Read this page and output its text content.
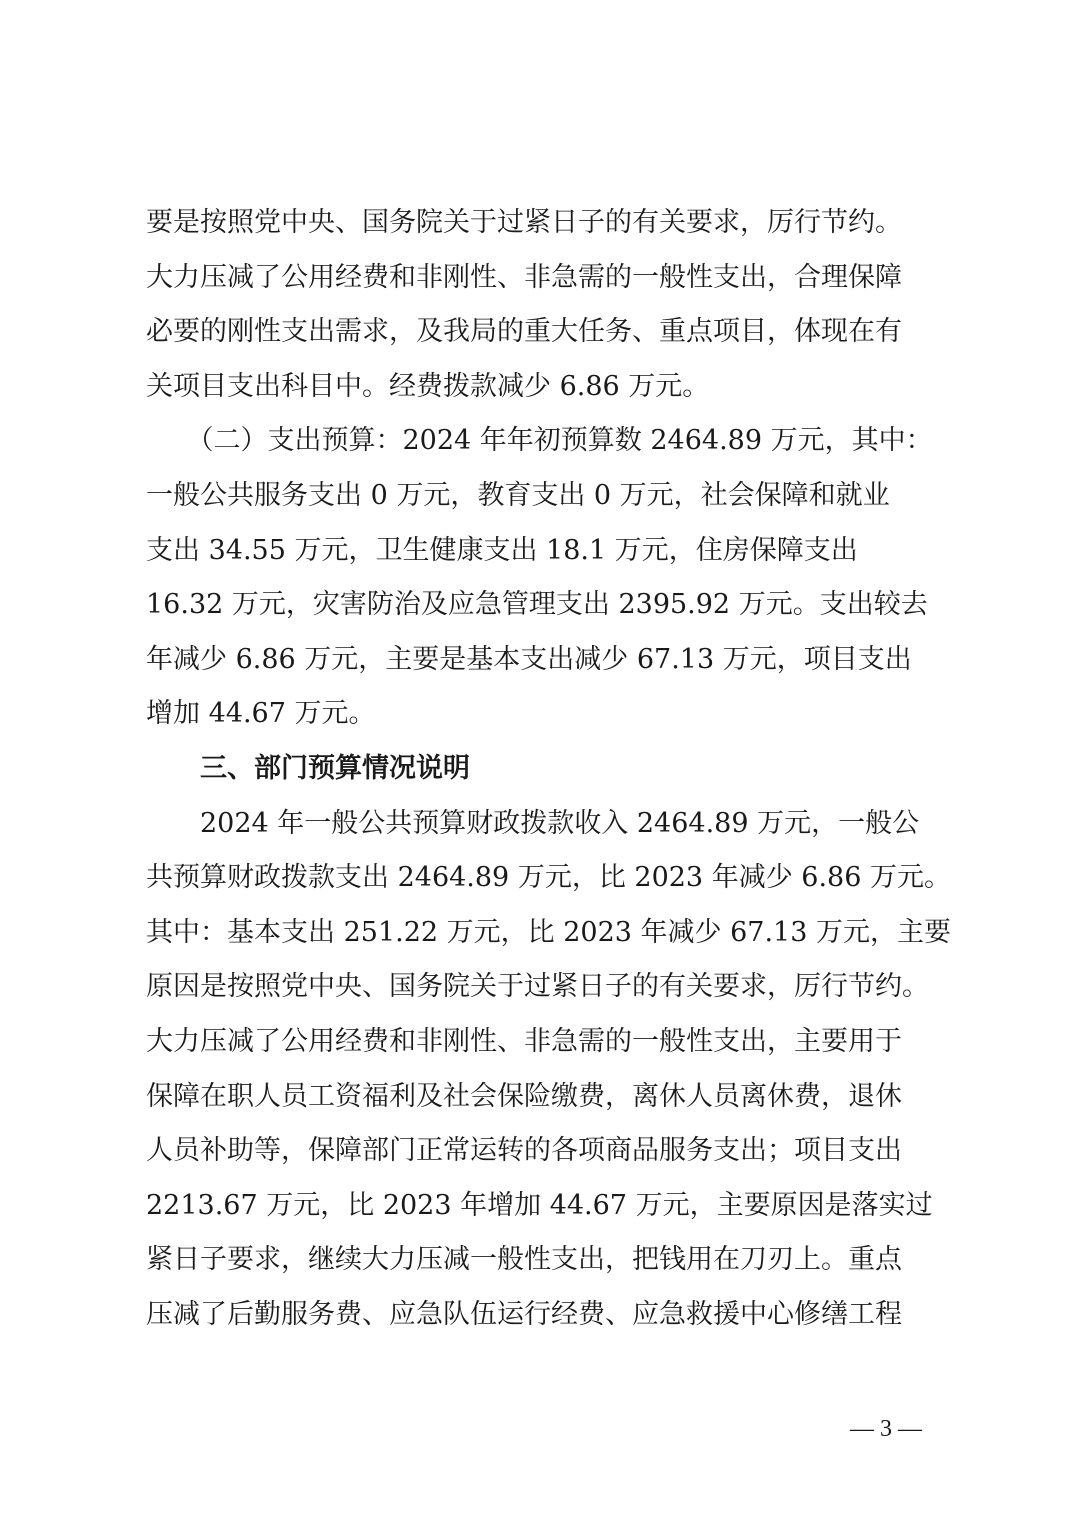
要是按照党中央、国务院关于过紧日子的有关要求，厉行节约。
大力压减了公用经费和非刚性、非急需的一般性支出，合理保障
必要的刚性支出需求，及我局的重大任务、重点项目，体现在有
关项目支出科目中。经费拨款减少 6.86 万元。
　　（二）支出预算：2024 年年初预算数 2464.89 万元，其中：
一般公共服务支出 0 万元，教育支出 0 万元，社会保障和就业
支出 34.55 万元，卫生健康支出 18.1 万元，住房保障支出
16.32 万元，灾害防治及应急管理支出 2395.92 万元。支出较去
年减少 6.86 万元，主要是基本支出减少 67.13 万元，项目支出
增加 44.67 万元。
　　三、部门预算情况说明
　　2024 年一般公共预算财政拨款收入 2464.89 万元，一般公
共预算财政拨款支出 2464.89 万元，比 2023 年减少 6.86 万元。
其中：基本支出 251.22 万元，比 2023 年减少 67.13 万元，主要
原因是按照党中央、国务院关于过紧日子的有关要求，厉行节约。
大力压减了公用经费和非刚性、非急需的一般性支出，主要用于
保障在职人员工资福利及社会保险缴费，离休人员离休费，退休
人员补助等，保障部门正常运转的各项商品服务支出；项目支出
2213.67 万元，比 2023 年增加 44.67 万元，主要原因是落实过
紧日子要求，继续大力压减一般性支出，把钱用在刀刃上。重点
压减了后勤服务费、应急队伍运行经费、应急救援中心修缮工程
— 3 —
